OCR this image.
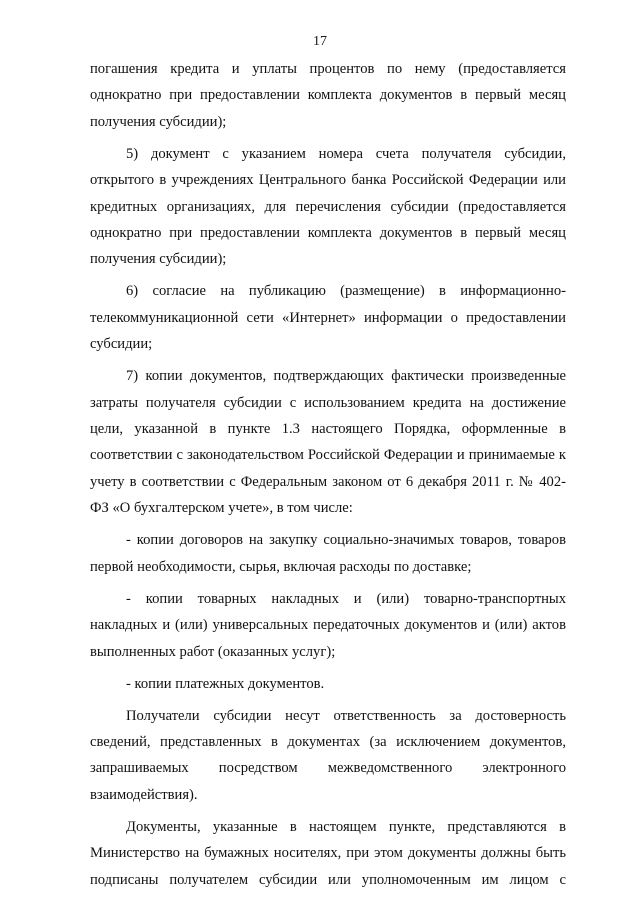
17

погашения кредита и уплаты процентов по нему (предоставляется однократно при предоставлении комплекта документов в первый месяц получения субсидии);

5) документ с указанием номера счета получателя субсидии, открытого в учреждениях Центрального банка Российской Федерации или кредитных организациях, для перечисления субсидии (предоставляется однократно при предоставлении комплекта документов в первый месяц получения субсидии);

6) согласие на публикацию (размещение) в информационно-телекоммуникационной сети «Интернет» информации о предоставлении субсидии;

7) копии документов, подтверждающих фактически произведенные затраты получателя субсидии с использованием кредита на достижение цели, указанной в пункте 1.3 настоящего Порядка, оформленные в соответствии с законодательством Российской Федерации и принимаемые к учету в соответствии с Федеральным законом от 6 декабря 2011 г. № 402-ФЗ «О бухгалтерском учете», в том числе:

- копии договоров на закупку социально-значимых товаров, товаров первой необходимости, сырья, включая расходы по доставке;

- копии товарных накладных и (или) товарно-транспортных накладных и (или) универсальных передаточных документов и (или) актов выполненных работ (оказанных услуг);

- копии платежных документов.

Получатели субсидии несут ответственность за достоверность сведений, представленных в документах (за исключением документов, запрашиваемых посредством межведомственного электронного взаимодействия).

Документы, указанные в настоящем пункте, представляются в Министерство на бумажных носителях, при этом документы должны быть подписаны получателем субсидии или уполномоченным им лицом с
